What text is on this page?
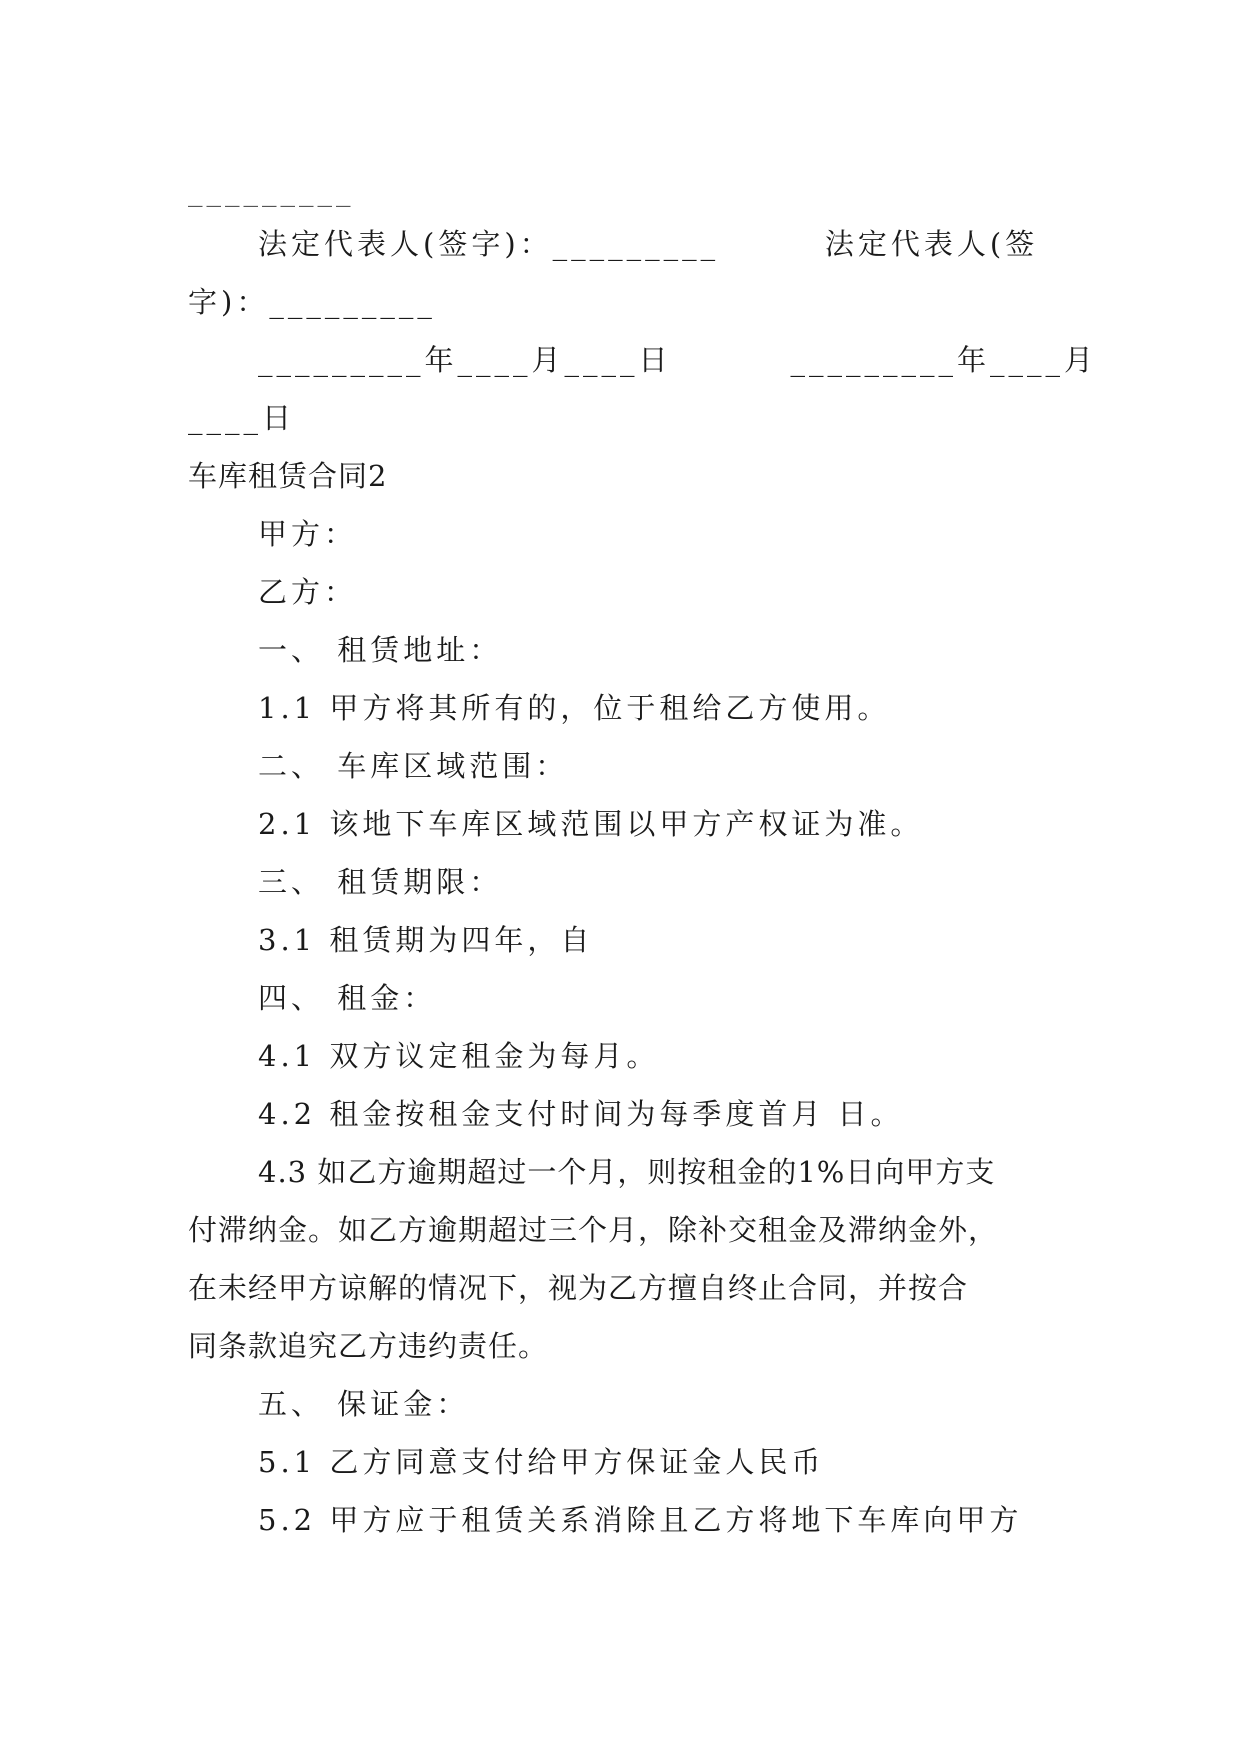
_________
法定代表人(签字)：_________        法定代表人(签
字)：_________
_________年____月____日         _________年____月
____日
车库租赁合同2
甲方：
乙方：
一、 租赁地址：
1.1 甲方将其所有的，位于租给乙方使用。
二、 车库区域范围：
2.1 该地下车库区域范围以甲方产权证为准。
三、 租赁期限：
3.1 租赁期为四年，自
四、 租金：
4.1 双方议定租金为每月。
4.2 租金按租金支付时间为每季度首月 日。
4.3 如乙方逾期超过一个月，则按租金的1%日向甲方支
付滞纳金。如乙方逾期超过三个月，除补交租金及滞纳金外，
在未经甲方谅解的情况下，视为乙方擅自终止合同，并按合
同条款追究乙方违约责任。
五、 保证金：
5.1 乙方同意支付给甲方保证金人民币
5.2 甲方应于租赁关系消除且乙方将地下车库向甲方
